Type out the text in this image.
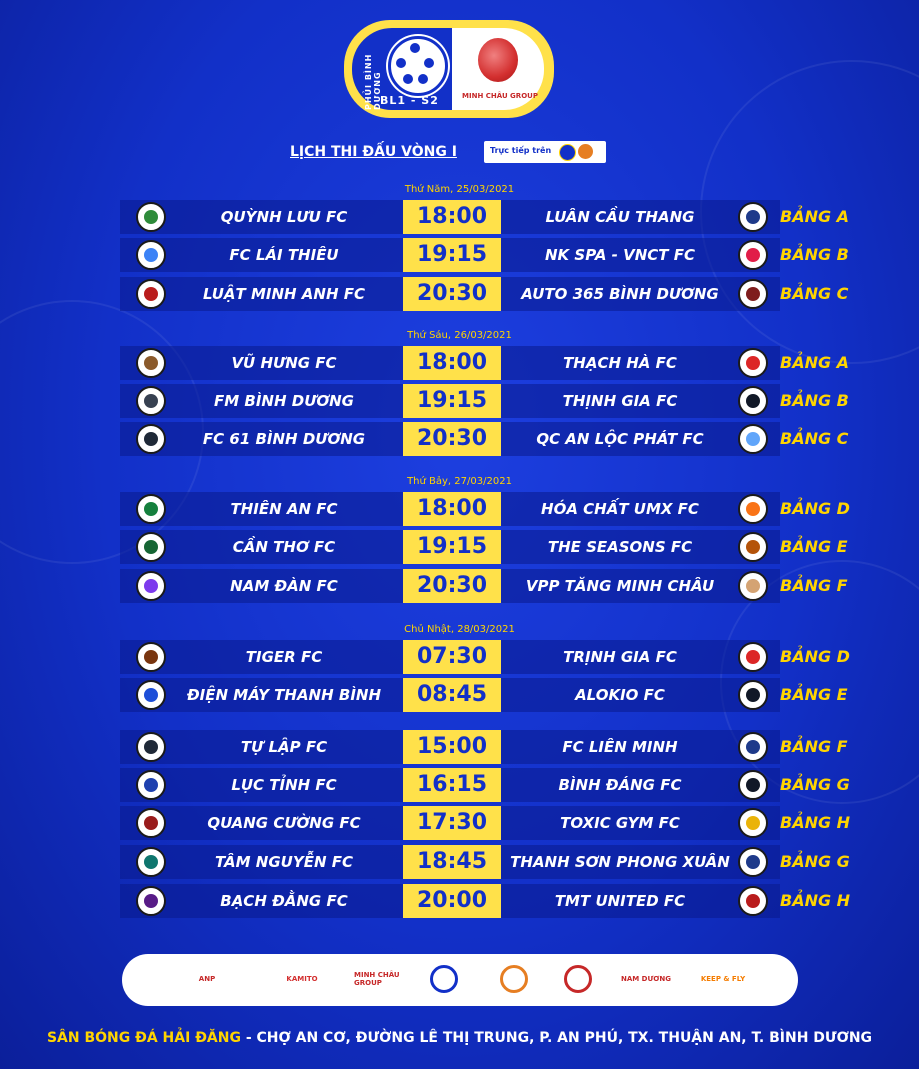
PHỦI BÌNH DƯƠNG
BL1 - S2	MINH CHÂU GROUP
LỊCH THI ĐẤU VÒNG I	Trực tiếp trên
Thứ Năm, 25/03/2021
Thứ Sáu, 26/03/2021
Thứ Bảy, 27/03/2021
Chủ Nhật, 28/03/2021
QUỲNH LƯU FC	18:00	LUÂN CẦU THANG	BẢNG A
FC LÁI THIÊU	19:15	NK SPA - VNCT FC	BẢNG B
LUẬT MINH ANH FC	20:30	AUTO 365 BÌNH DƯƠNG	BẢNG C
VŨ HƯNG FC	18:00	THẠCH HÀ FC	BẢNG A
FM BÌNH DƯƠNG	19:15	THỊNH GIA FC	BẢNG B
FC 61 BÌNH DƯƠNG	20:30	QC AN LỘC PHÁT FC	BẢNG C
THIÊN AN FC	18:00	HÓA CHẤT UMX FC	BẢNG D
CẦN THƠ FC	19:15	THE SEASONS FC	BẢNG E
NAM ĐÀN FC	20:30	VPP TĂNG MINH CHÂU	BẢNG F
TIGER FC	07:30	TRỊNH GIA FC	BẢNG D
ĐIỆN MÁY THANH BÌNH	08:45	ALOKIO FC	BẢNG E
TỰ LẬP FC	15:00	FC LIÊN MINH	BẢNG F
LỤC TỈNH FC	16:15	BÌNH ĐÁNG FC	BẢNG G
QUANG CƯỜNG FC	17:30	TOXIC GYM FC	BẢNG H
TÂM NGUYỄN FC	18:45	THANH SƠN PHONG XUÂN	BẢNG G
BẠCH ĐẰNG FC	20:00	TMT UNITED FC	BẢNG H
ANP	KAMITO	MINH CHÂU GROUP	NAM DƯƠNG	KEEP & FLY
SÂN BÓNG ĐÁ HẢI ĐĂNG - CHỢ AN CƠ, ĐƯỜNG LÊ THỊ TRUNG, P. AN PHÚ, TX. THUẬN AN, T. BÌNH DƯƠNG
